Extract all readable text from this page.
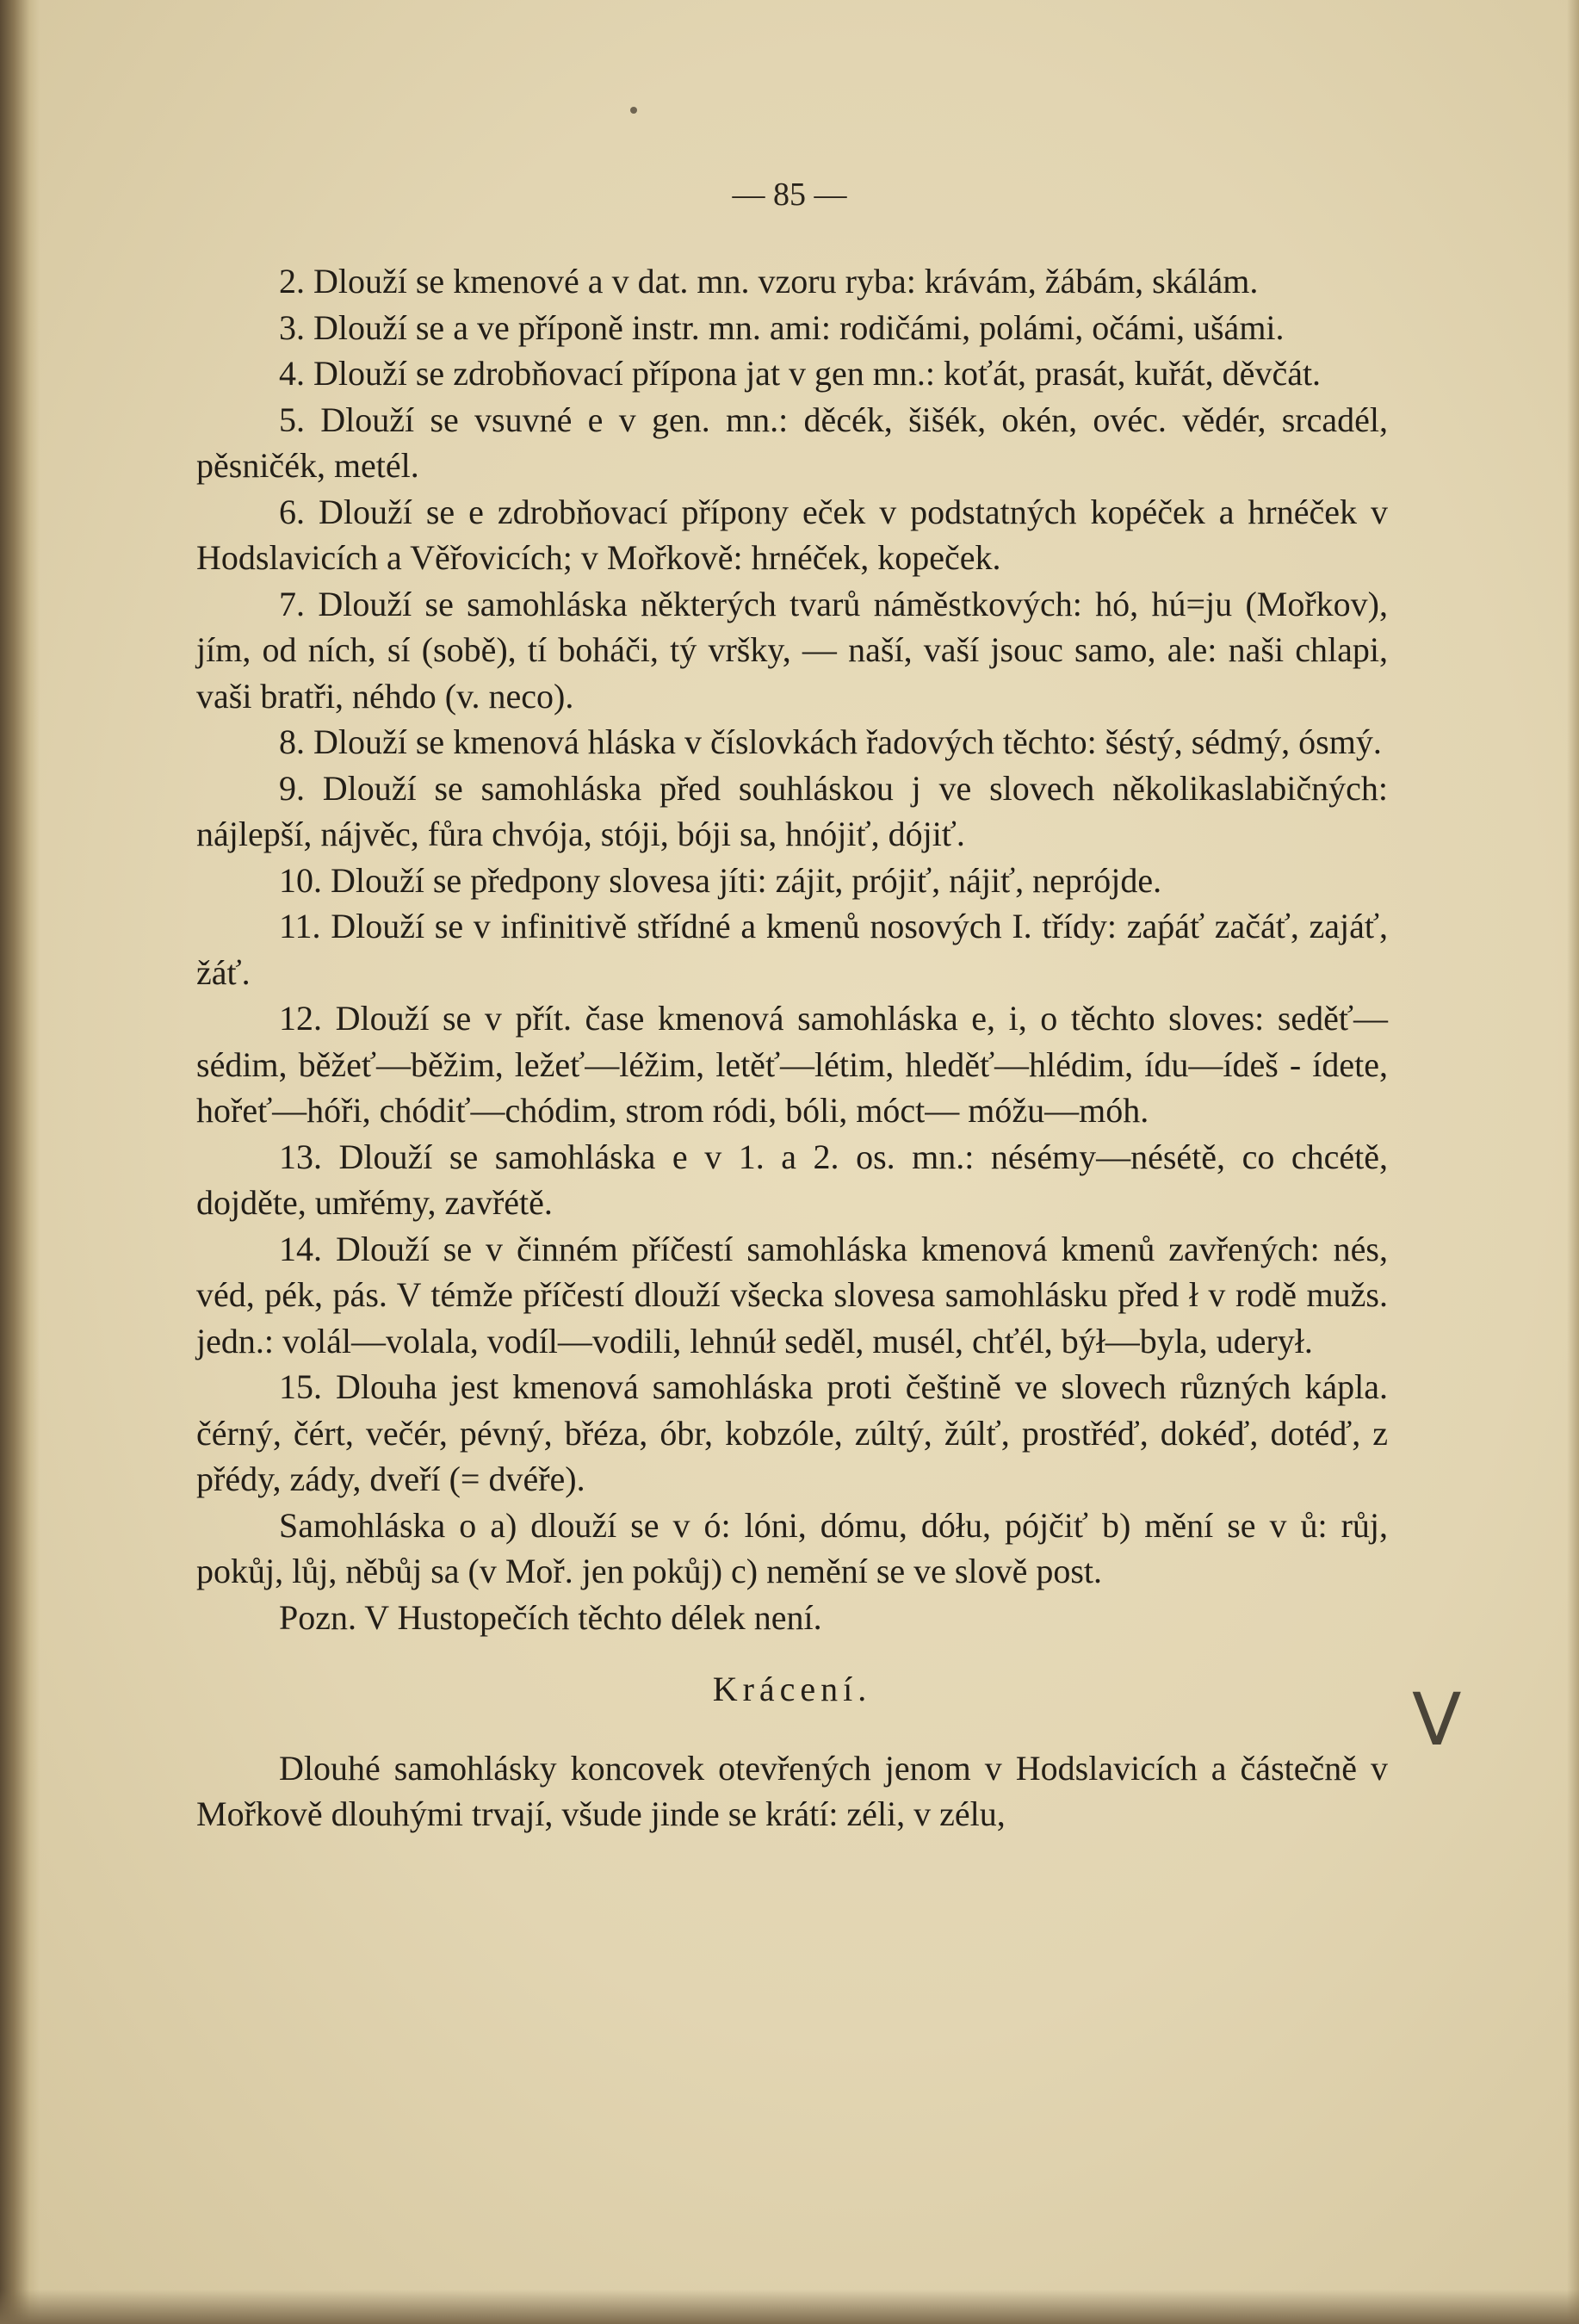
— 85 —

2. Dlouží se kmenové a v dat. mn. vzoru ryba: krávám, žábám, skálám.

3. Dlouží se a ve příponě instr. mn. ami: rodičámi, polámi, očámi, ušámi.

4. Dlouží se zdrobňovací přípona jat v gen mn.: koťát, prasát, kuřát, děvčát.

5. Dlouží se vsuvné e v gen. mn.: děcék, šišék, okén, ovéc. vědér, srcadél, pěsničék, metél.

6. Dlouží se e zdrobňovací přípony eček v podstatných kopéček a hrnéček v Hodslavicích a Věřovicích; v Mořkově: hrnéček, kopeček.

7. Dlouží se samohláska některých tvarů náměstkových: hó, hú=ju (Mořkov), jím, od ních, sí (sobě), tí boháči, tý vršky, — naší, vaší jsouc samo, ale: naši chlapi, vaši bratři, néhdo (v. neco).

8. Dlouží se kmenová hláska v číslovkách řadových těchto: šéstý, sédmý, ósmý.

9. Dlouží se samohláska před souhláskou j ve slovech několikaslabičných: nájlepší, nájvěc, fůra chvója, stóji, bóji sa, hnójiť, dójiť.

10. Dlouží se předpony slovesa jíti: zájit, prójiť, nájiť, neprójde.

11. Dlouží se v infinitivě střídné a kmenů nosových I. třídy: zaṕáť začáť, zajáť, žáť.

12. Dlouží se v přít. čase kmenová samohláska e, i, o těchto sloves: seděť— sédim, běžeť—běžim, ležeť—léžim, letěť—létim, hleděť—hlédim, ídu—ídeš - ídete, hořeť—hóři, chódiť—chódim, strom ródi, bóli, móct— móžu—móh.

13. Dlouží se samohláska e v 1. a 2. os. mn.: nésémy—nésétě, co chcétě, dojděte, umřémy, zavřétě.

14. Dlouží se v činném příčestí samohláska kmenová kmenů zavřených: nés, véd, pék, pás. V témže příčestí dlouží všecka slovesa samohlásku před ł v rodě mužs. jedn.: volál—volala, vodíl—vodili, lehnúł seděl, musél, chťél, býł—byla, uderył.

15. Dlouha jest kmenová samohláska proti češtině ve slovech různých kápla. čérný, čért, večér, pévný, břéza, óbr, kobzóle, zúltý, žúlť, prostřéď, dokéď, dotéď, z přédy, zády, dveří (= dvéře).

Samohláska o a) dlouží se v ó: lóni, dómu, dółu, pójčiť b) mění se v ů: růj, pokůj, lůj, něbůj sa (v Moř. jen pokůj) c) nemění se ve slově post.

Pozn. V Hustopečích těchto délek není.

Krácení.

Dlouhé samohlásky koncovek otevřených jenom v Hodslavicích a částečně v Mořkově dlouhými trvají, všude jinde se krátí: zéli, v zélu,

V
